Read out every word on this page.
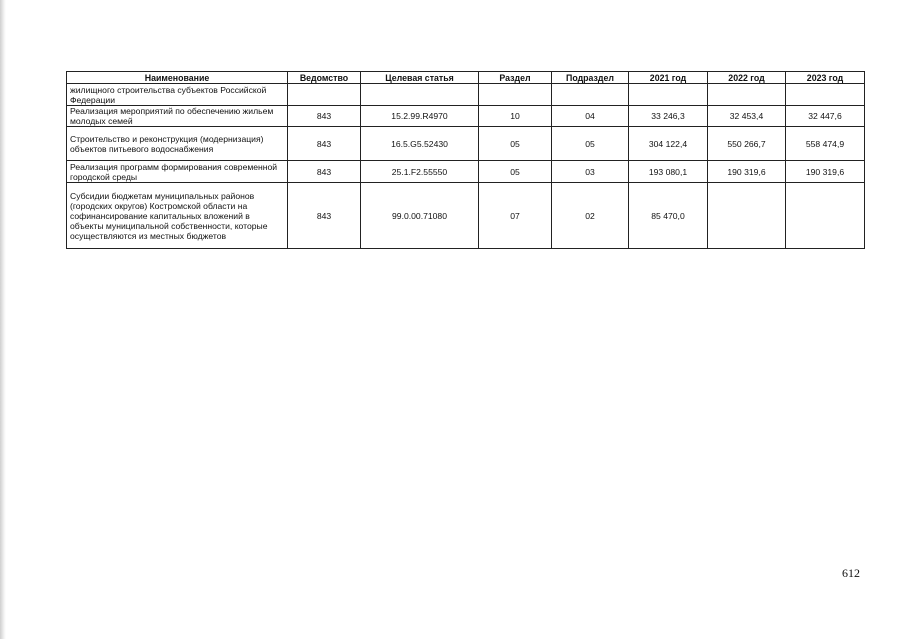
Наименование	Ведомство	Целевая статья	Раздел	Подраздел	2021 год	2022 год	2023 год
жилищного строительства субъектов Российской Федерации							
Реализация мероприятий по обеспечению жильем молодых семей	843	15.2.99.R4970	10	04	33 246,3	32 453,4	32 447,6
Строительство и реконструкция (модернизация) объектов питьевого водоснабжения	843	16.5.G5.52430	05	05	304 122,4	550 266,7	558 474,9
Реализация программ формирования современной городской среды	843	25.1.F2.55550	05	03	193 080,1	190 319,6	190 319,6
Субсидии бюджетам муниципальных районов (городских округов) Костромской области на софинансирование капитальных вложений в объекты муниципальной собственности, которые осуществляются из местных бюджетов	843	99.0.00.71080	07	02	85 470,0		
612
